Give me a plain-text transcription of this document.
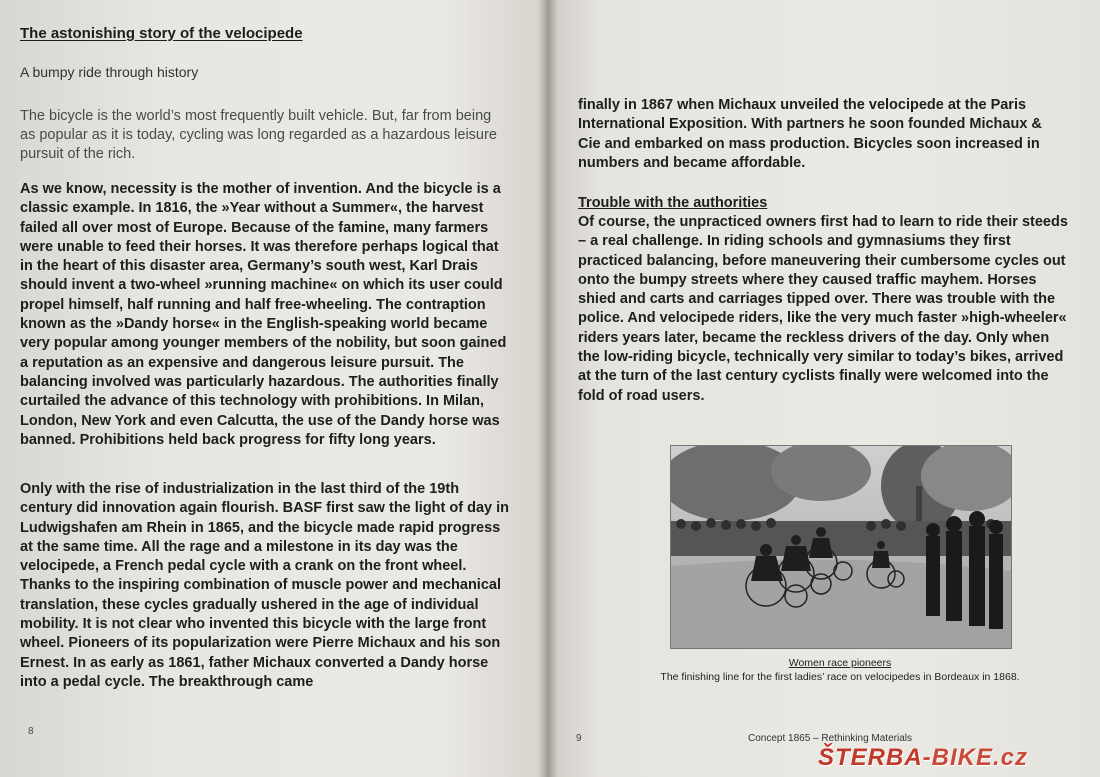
The astonishing story of the velocipede

A bumpy ride through history

The bicycle is the world’s most frequently built vehicle. But, far from being as popular as it is today, cycling was long regarded as a hazardous leisure pursuit of the rich.

As we know, necessity is the mother of invention. And the bicycle is a classic example. In 1816, the »Year without a Summer«, the harvest failed all over most of Europe. Because of the famine, many farmers were unable to feed their horses. It was therefore perhaps logical that in the heart of this disaster area, Germany’s south west, Karl Drais should invent a two-wheel »running machine« on which its user could propel himself, half running and half free-wheeling. The contraption known as the »Dandy horse« in the English-speaking world became very popular among younger members of the nobility, but soon gained a reputation as an expensive and dangerous leisure pursuit. The balancing involved was particularly hazardous. The authorities finally curtailed the advance of this technology with prohibitions. In Milan, London, New York and even Calcutta, the use of the Dandy horse was banned. Prohibitions held back progress for fifty long years.

Only with the rise of industrialization in the last third of the 19th century did innovation again flourish. BASF first saw the light of day in Ludwigshafen am Rhein in 1865, and the bicycle made rapid progress at the same time. All the rage and a milestone in its day was the velocipede, a French pedal cycle with a crank on the front wheel. Thanks to the inspiring combination of muscle power and mechanical translation, these cycles gradually ushered in the age of individual mobility. It is not clear who invented this bicycle with the large front wheel. Pioneers of its popularization were Pierre Michaux and his son Ernest. In as early as 1861, father Michaux converted a Dandy horse into a pedal cycle. The breakthrough came

8

finally in 1867 when Michaux unveiled the velocipede at the Paris International Exposition. With partners he soon founded Michaux & Cie and embarked on mass production. Bicycles soon increased in numbers and became affordable.

Trouble with the authorities

Of course, the unpracticed owners first had to learn to ride their steeds – a real challenge. In riding schools and gymnasiums they first practiced balancing, before maneuvering their cumbersome cycles out onto the bumpy streets where they caused traffic mayhem. Horses shied and carts and carriages tipped over. There was trouble with the police. And velocipede riders, like the very much faster »high-wheeler« riders years later, became the reckless drivers of the day. Only when the low-riding bicycle, technically very similar to today’s bikes, arrived at the turn of the last century cyclists finally were welcomed into the fold of road users.

Women race pioneers

The finishing line for the first ladies’ race on velocipedes in Bordeaux in 1868.

9	Concept 1865 – Rethinking Materials
ŠTERBA-BIKE.cz
